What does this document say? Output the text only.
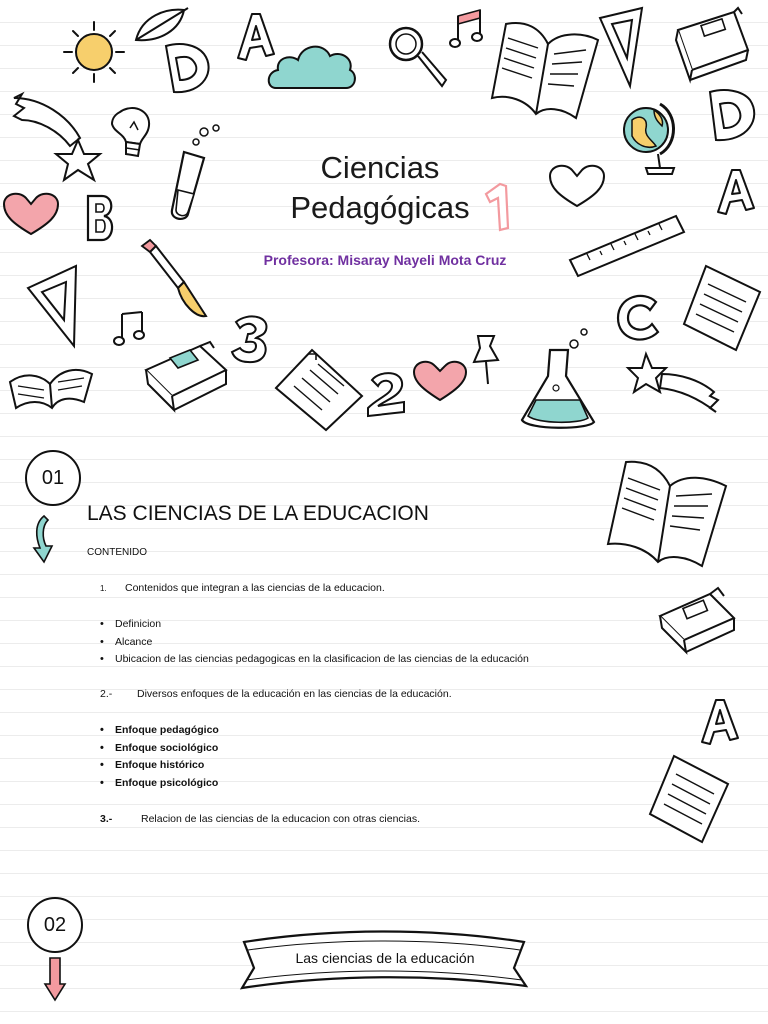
Ciencias
Pedagógicas
Profesora: Misaray Nayeli Mota Cruz
01
LAS CIENCIAS DE LA EDUCACION
CONTENIDO
1. Contenidos que integran a las ciencias de la educacion.
• Definicion
• Alcance
• Ubicacion de las ciencias pedagogicas en la clasificacion de las ciencias de la educación
2.- Diversos enfoques de la educación en las ciencias de la educación.
• Enfoque pedagógico
• Enfoque sociológico
• Enfoque histórico
• Enfoque psicológico
3.-	Relacion de las ciencias de la educacion con otras ciencias.
02
Las ciencias de la educación
